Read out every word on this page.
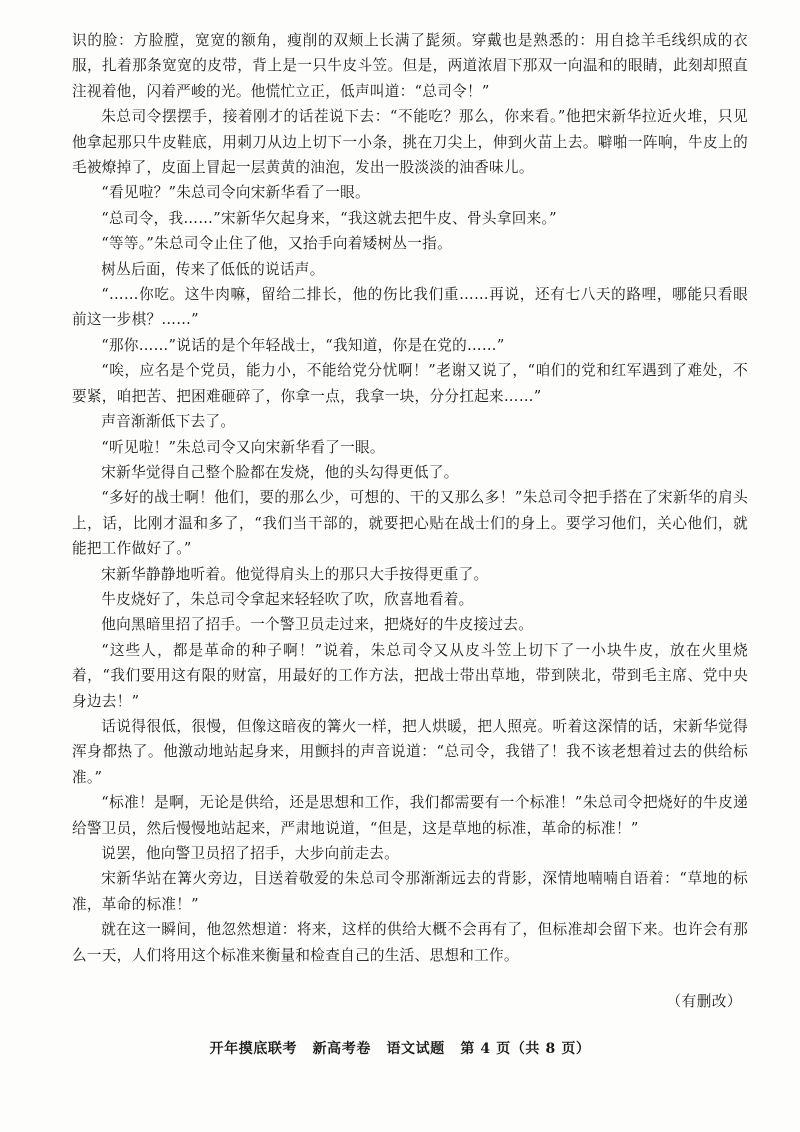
识的脸：方脸膛，宽宽的额角，瘦削的双颊上长满了髭须。穿戴也是熟悉的：用自捻羊毛线织成的衣服，扎着那条宽宽的皮带，背上是一只牛皮斗笠。但是，两道浓眉下那双一向温和的眼睛，此刻却照直注视着他，闪着严峻的光。他慌忙立正，低声叫道：“总司令！”

朱总司令摆摆手，接着刚才的话茬说下去：“不能吃？那么，你来看。”他把宋新华拉近火堆，只见他拿起那只牛皮鞋底，用刺刀从边上切下一小条，挑在刀尖上，伸到火苗上去。噼啪一阵响，牛皮上的毛被燎掉了，皮面上冒起一层黄黄的油泡，发出一股淡淡的油香味儿。

“看见啦？”朱总司令向宋新华看了一眼。

“总司令，我……”宋新华欠起身来，“我这就去把牛皮、骨头拿回来。”

“等等。”朱总司令止住了他，又抬手向着矮树丛一指。

树丛后面，传来了低低的说话声。

“……你吃。这牛肉嘛，留给二排长，他的伤比我们重……再说，还有七八天的路哩，哪能只看眼前这一步棋？……”

“那你……”说话的是个年轻战士，“我知道，你是在党的……”

“唉，应名是个党员，能力小，不能给党分忧啊！”老谢又说了，“咱们的党和红军遇到了难处，不要紧，咱把苦、把困难砸碎了，你拿一点，我拿一块，分分扛起来……”

声音渐渐低下去了。

“听见啦！”朱总司令又向宋新华看了一眼。

宋新华觉得自己整个脸都在发烧，他的头勾得更低了。

“多好的战士啊！他们，要的那么少，可想的、干的又那么多！”朱总司令把手搭在了宋新华的肩头上，话，比刚才温和多了，“我们当干部的，就要把心贴在战士们的身上。要学习他们，关心他们，就能把工作做好了。”

宋新华静静地听着。他觉得肩头上的那只大手按得更重了。

牛皮烧好了，朱总司令拿起来轻轻吹了吹，欣喜地看着。

他向黑暗里招了招手。一个警卫员走过来，把烧好的牛皮接过去。

“这些人，都是革命的种子啊！”说着，朱总司令又从皮斗笠上切下了一小块牛皮，放在火里烧着，“我们要用这有限的财富，用最好的工作方法，把战士带出草地，带到陕北，带到毛主席、党中央身边去！”

话说得很低，很慢，但像这暗夜的篝火一样，把人烘暖，把人照亮。听着这深情的话，宋新华觉得浑身都热了。他激动地站起身来，用颤抖的声音说道：“总司令，我错了！我不该老想着过去的供给标准。”

“标准！是啊，无论是供给，还是思想和工作，我们都需要有一个标准！”朱总司令把烧好的牛皮递给警卫员，然后慢慢地站起来，严肃地说道，“但是，这是草地的标准，革命的标准！”

说罢，他向警卫员招了招手，大步向前走去。

宋新华站在篝火旁边，目送着敬爱的朱总司令那渐渐远去的背影，深情地喃喃自语着：“草地的标准，革命的标准！”

就在这一瞬间，他忽然想道：将来，这样的供给大概不会再有了，但标准却会留下来。也许会有那么一天，人们将用这个标准来衡量和检查自己的生活、思想和工作。

（有删改）
开年摸底联考 新高考卷 语文试题 第 4 页（共 8 页）
